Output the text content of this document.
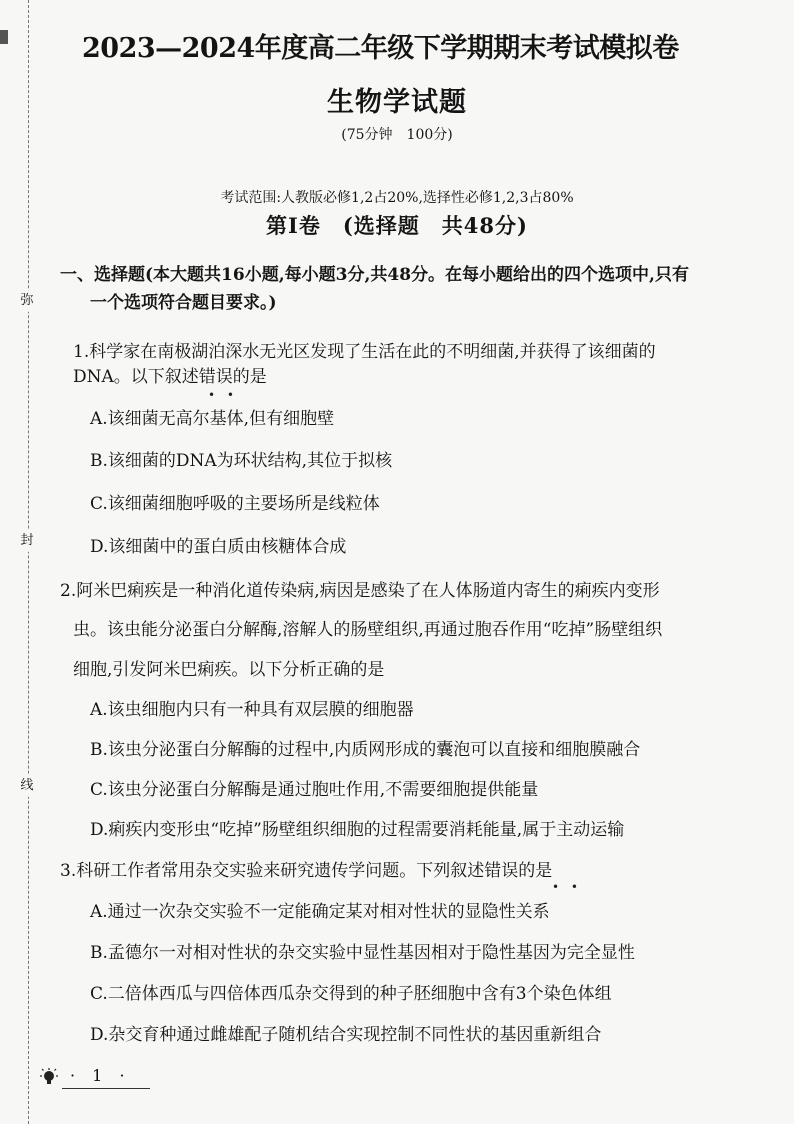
弥
封
线
2023—2024年度高二年级下学期期末考试模拟卷
生物学试题
(75分钟　100分)
考试范围:人教版必修1,2占20%,选择性必修1,2,3占80%
第Ⅰ卷　(选择题　共48分)
一、选择题(本大题共16小题,每小题3分,共48分。在每小题给出的四个选项中,只有
一个选项符合题目要求。)
1.科学家在南极湖泊深水无光区发现了生活在此的不明细菌,并获得了该细菌的
DNA。以下叙述错误的是
• •
A.该细菌无高尔基体,但有细胞壁
B.该细菌的DNA为环状结构,其位于拟核
C.该细菌细胞呼吸的主要场所是线粒体
D.该细菌中的蛋白质由核糖体合成
2.阿米巴痢疾是一种消化道传染病,病因是感染了在人体肠道内寄生的痢疾内变形
虫。该虫能分泌蛋白分解酶,溶解人的肠壁组织,再通过胞吞作用“吃掉”肠壁组织
细胞,引发阿米巴痢疾。以下分析正确的是
A.该虫细胞内只有一种具有双层膜的细胞器
B.该虫分泌蛋白分解酶的过程中,内质网形成的囊泡可以直接和细胞膜融合
C.该虫分泌蛋白分解酶是通过胞吐作用,不需要细胞提供能量
D.痢疾内变形虫“吃掉”肠壁组织细胞的过程需要消耗能量,属于主动运输
3.科研工作者常用杂交实验来研究遗传学问题。下列叙述错误的是
• •
A.通过一次杂交实验不一定能确定某对相对性状的显隐性关系
B.孟德尔一对相对性状的杂交实验中显性基因相对于隐性基因为完全显性
C.二倍体西瓜与四倍体西瓜杂交得到的种子胚细胞中含有3个染色体组
D.杂交育种通过雌雄配子随机结合实现控制不同性状的基因重新组合
· 1 ·
